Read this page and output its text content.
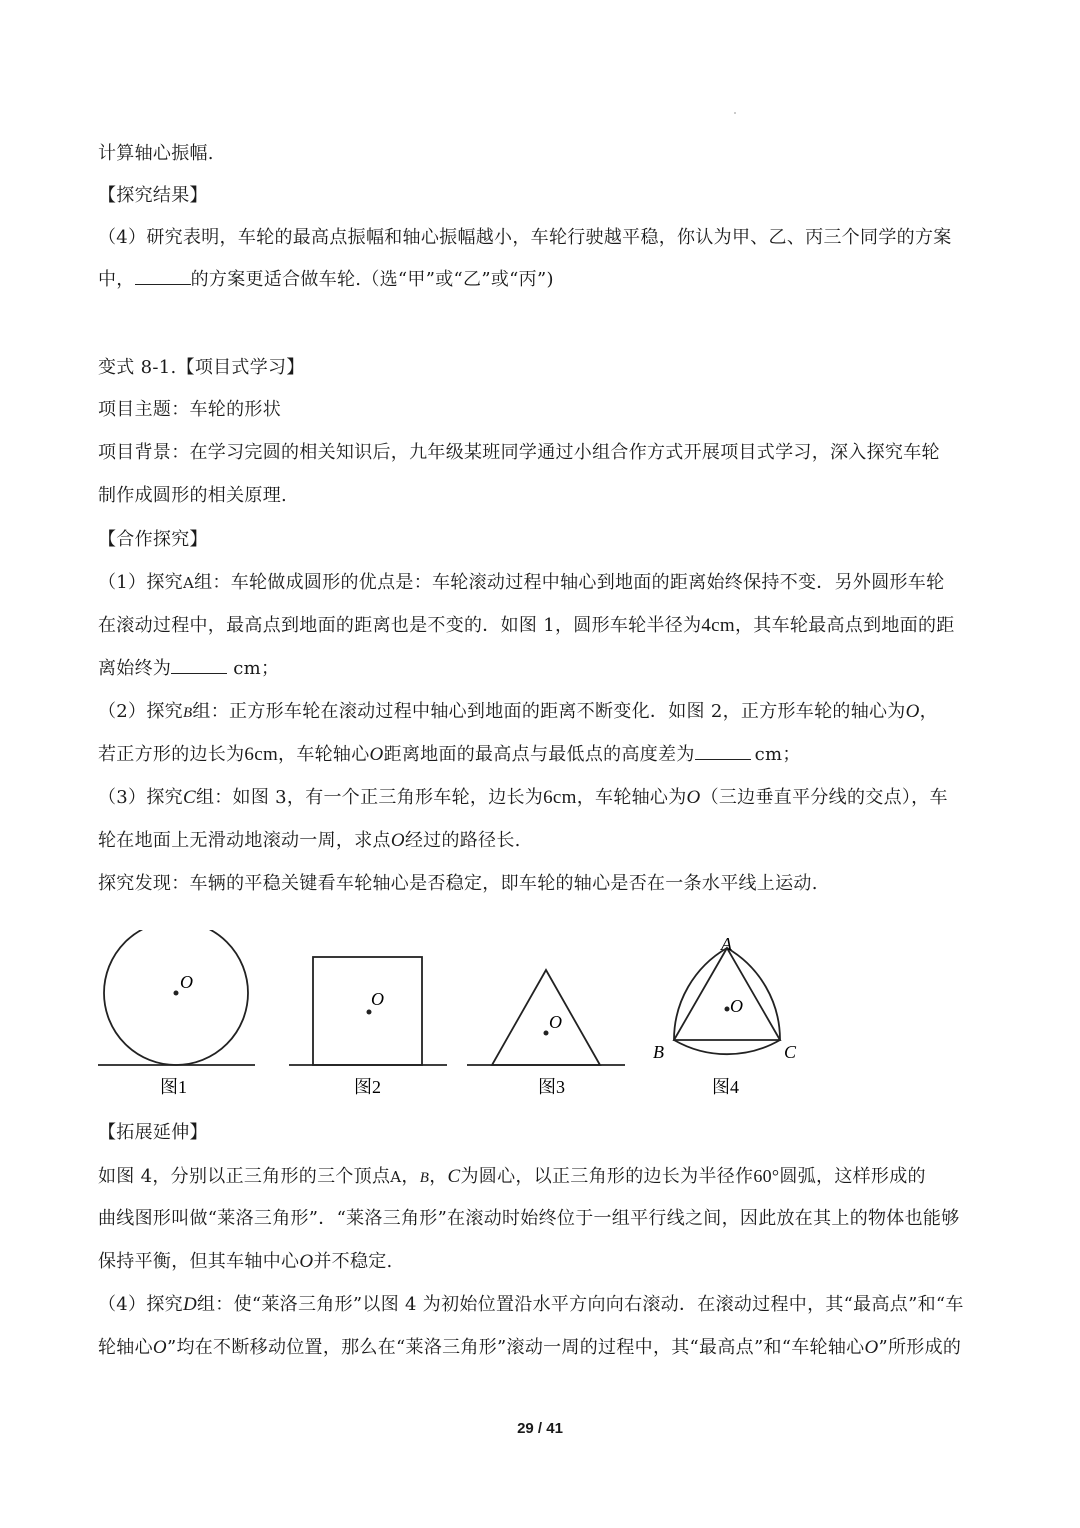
计算轴心振幅.
【探究结果】
（4）研究表明，车轮的最高点振幅和轴心振幅越小，车轮行驶越平稳，你认为甲、乙、丙三个同学的方案
中，	的方案更适合做车轮.（选“甲”或“乙”或“丙”)
变式 8-1.【项目式学习】
项目主题：车轮的形状
项目背景：在学习完圆的相关知识后，九年级某班同学通过小组合作方式开展项目式学习，深入探究车轮
制作成圆形的相关原理.
【合作探究】
（1）探究A组：车轮做成圆形的优点是：车轮滚动过程中轴心到地面的距离始终保持不变．另外圆形车轮
在滚动过程中，最高点到地面的距离也是不变的．如图 1，圆形车轮半径为4cm，其车轮最高点到地面的距
离始终为	cm；
（2）探究B组：正方形车轮在滚动过程中轴心到地面的距离不断变化．如图 2，正方形车轮的轴心为O，
若正方形的边长为6cm，车轮轴心O距离地面的最高点与最低点的高度差为	cm；
（3）探究C组：如图 3，有一个正三角形车轮，边长为6cm，车轮轴心为O（三边垂直平分线的交点），车
轮在地面上无滑动地滚动一周，求点O经过的路径长.
探究发现：车辆的平稳关键看车轮轴心是否稳定，即车轮的轴心是否在一条水平线上运动.
O
图1
O
图2
O
图3
O
A
B	C
图4
【拓展延伸】
如图 4，分别以正三角形的三个顶点A，B，C为圆心，以正三角形的边长为半径作60°圆弧，这样形成的
曲线图形叫做“莱洛三角形”．“莱洛三角形”在滚动时始终位于一组平行线之间，因此放在其上的物体也能够
保持平衡，但其车轴中心O并不稳定.
（4）探究D组：使“莱洛三角形”以图 4 为初始位置沿水平方向向右滚动．在滚动过程中，其“最高点”和“车
轮轴心O”均在不断移动位置，那么在“莱洛三角形”滚动一周的过程中，其“最高点”和“车轮轴心O”所形成的
29 / 41
